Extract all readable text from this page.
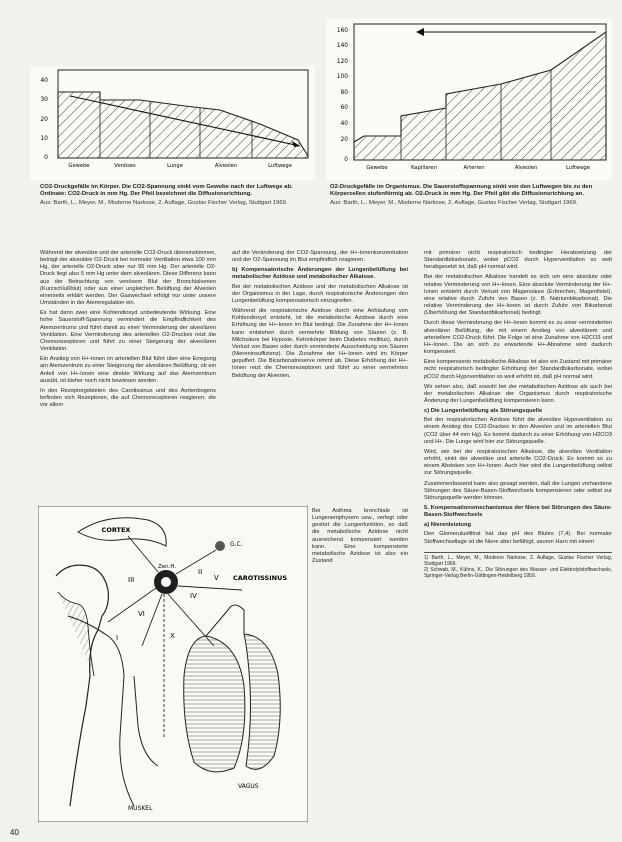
40
30
20
10
0
Gewebe	Venöses	Lunge	Alveolen	Luftwege
160
140
120
100
80
60
40
20
0
Gewebe	Kapillaren	Arterien	Alveolen	Luftwege
CO2-Druckgefälle im Körper. Die CO2-Spannung sinkt vom Gewebe nach der Luftwege ab. Ordinate: CO2-Druck in mm Hg. Der Pfeil bezeichnet die Diffusionsrichtung.
Aus: Barth, L., Meyer, M., Moderne Narkose, 2. Auflage, Gustav Fischer Verlag, Stuttgart 1969.
O2-Druckgefälle im Organismus. Die Sauerstoffspannung sinkt von den Luftwegen bis zu den Körperzellen stufenförmig ab. O2-Druck in mm Hg. Der Pfeil gibt die Diffusionsrichtung an.
Aus: Barth, L., Meyer, M., Moderne Narkose, 2. Auflage, Gustav Fischer Verlag, Stuttgart 1969.

Während der alveoläre und der arterielle CO2-Druck übereinstimmen, beträgt der alveoläre O2-Druck bei normaler Ventilation etwa 100 mm Hg, der arterielle O2-Druck aber nur 95 mm Hg. Der arterielle O2-Druck liegt also 5 mm Hg unter dem alveolären. Diese Differenz kann aus der Betrachtung von venösem Blut der Bronchialvenen (Kurzschlußblut) oder aus einer ungleichen Belüftung der Alveolen einerseits erklärt werden. Der Gaswechsel erfolgt nur unter unsere Umständen in der Atemregulation ein.

Es hat dann zwei eine Kohlendioxyd unbedeutende Wirkung. Eine hohe Sauerstoff-Spannung vermindert die Empfindlichkeit des Atemzentrums und führt damit zu einer Verminderung der alveolären Ventilation. Eine Verminderung des arteriellen O2-Druckes reizt die Chemorezeptoren und führt zu einer Steigerung der alveolären Ventilation.

Ein Anstieg von H+-Ionen im arteriellen Blut führt über eine Erregung am Atemzentrum zu einer Steigerung der alveolären Belüftung; ob ein Anteil von H+-Ionen eine direkte Wirkung auf das Atemzentrum ausübt, ist bisher noch nicht bewiesen worden.

In den Rezeptorgebieten des Carotissinus und des Aortenbogens befinden sich Rezeptoren, die auf Chemoreceptoren reagieren; die vor allem

auf die Veränderung der CO2-Spannung, der H+-Ionenkonzentration und der O2-Spannung im Blut empfindlich reagieren.

b) Kompensatorische Änderungen der Lungenbelüftung bei metabolischer Azidose und metabolischer Alkalose.

Bei der metabolischen Azidose und der metabolischen Alkalose ist der Organismus in der Lage, durch respiratorische Änderungen den Lungenbelüftung kompensatorisch einzugreifen.

Während die respiratorische Azidose durch eine Anhäufung von Kohlendioxyd entsteht, ist die metabolische Azidose durch eine Erhöhung der H+-Ionen im Blut bedingt. Die Zunahme der H+-Ionen kann entstehen durch vermehrte Bildung von Säuren (z. B. Milchsäure bei Hypoxie, Ketonkörper beim Diabetes mellitus), durch Verlust von Basen oder durch verminderte Ausscheidung von Säuren (Niereninsuffizienz). Die Zunahme der H+-Ionen wird im Körper gepuffert. Die Bicarbonatreserve nimmt ab. Diese Erhöhung der H+-Ionen reizt die Chemorezeptoren und führt zu einer vermehrten Belüftung der Alveolen.

Bei Asthma bronchiale ist Lungenemphysem usw., verlegt oder gestört die Lungenfunktion, so daß die metabolische Azidose nicht ausreichend kompensiert werden kann. Eine kompensierte metabolische Azidose ist also ein Zustand

mit primärer nicht respiratorisch bedingter Herabsetzung der Standardbikarbonats, wobei pCO2 durch Hyperventilation so weit herabgesetzt ist, daß pH normal wird.

Bei der metabolischen Alkalose handelt es sich um eine absolute oder relative Verminderung von H+-Ionen. Eine absolute Verminderung der H+-Ionen entsteht durch Verlust von Magensäure (Erbrechen, Magenfistel), eine relative durch Zufuhr von Basen (z. B. Natriumbikarbonat). Die relative Verminderung der H+-Ionen ist durch Zufuhr von Bikarbonat (Überhöhung der Standardbikarbonat) bedingt.

Durch diese Verminderung der H+-Ionen kommt es zu einer verminderten alveolären Belüftung, die mit einem Anstieg von alveolärem und arteriellem CO2-Druck führt. Die Folge ist eine Zunahme von H2CO3 und H+-Ionen. Die an sich zu erwartende H+-Abnahme wird dadurch kompensiert.

Eine kompensierte metabolische Alkalose ist also ein Zustand mit primärer nicht respiratorisch bedingter Erhöhung der Standardbikarbonate, wobei pCO2 durch Hypoventilation so weit erhöht ist, daß pH normal wird.

Wir sehen also, daß sowohl bei der metabolischen Azidose als auch bei der metabolischen Alkalose der Organismus durch respiratorische Änderung der Lungenbelüftung kompensieren kann.

c) Die Lungenbelüftung als Störungsquelle

Bei der respiratorischen Azidose führt die alveoläre Hypoventilation zu einem Anstieg des CO2-Druckes in den Alveolen und im arteriellen Blut (CO2 über 44 mm Hg). Es kommt dadurch zu einer Erhöhung von H2CO3 und H+. Die Lunge wird hier zur Störungsquelle.

Wird, wie bei der respiratorischen Alkalose, die alveoläre Ventilation erhöht, sinkt der alveoläre und arterielle CO2-Druck. Es kommt so zu einem Absinken von H+-Ionen. Auch hier wird die Lungenbelüftung selbst zur Störungsquelle.

Zusammenfassend kann also gesagt werden, daß die Lungen vorhandene Störungen des Säure-Basen-Stoffwechsels kompensieren oder selbst zur Störungsquelle werden können.

5. Kompensationsmechanismus der Niere bei Störungen des Säure-Basen-Stoffwechsels
a) Nierenleistung

Den Glomerulusfiltrat hat das pH des Blutes (7,4). Bei normaler Stoffwechsellage ist die Niere aber befähigt, sauren Harn mit einem

1) Barth, L., Meyer, M., Moderne Narkose, 2. Auflage, Gustav Fischer Verlag, Stuttgart 1969.
2) Schwab, M., Kühns, K., Die Störungen des Wasser- und Elektrolytstoffwechsels, Springer-Verlag Berlin-Göttingen-Heidelberg 1959.
CORTEX
G.C.
Zen.H.
CAROTISSINUS
II
III
IV
V
VI
I	X
MUSKEL
VAGUS
40
